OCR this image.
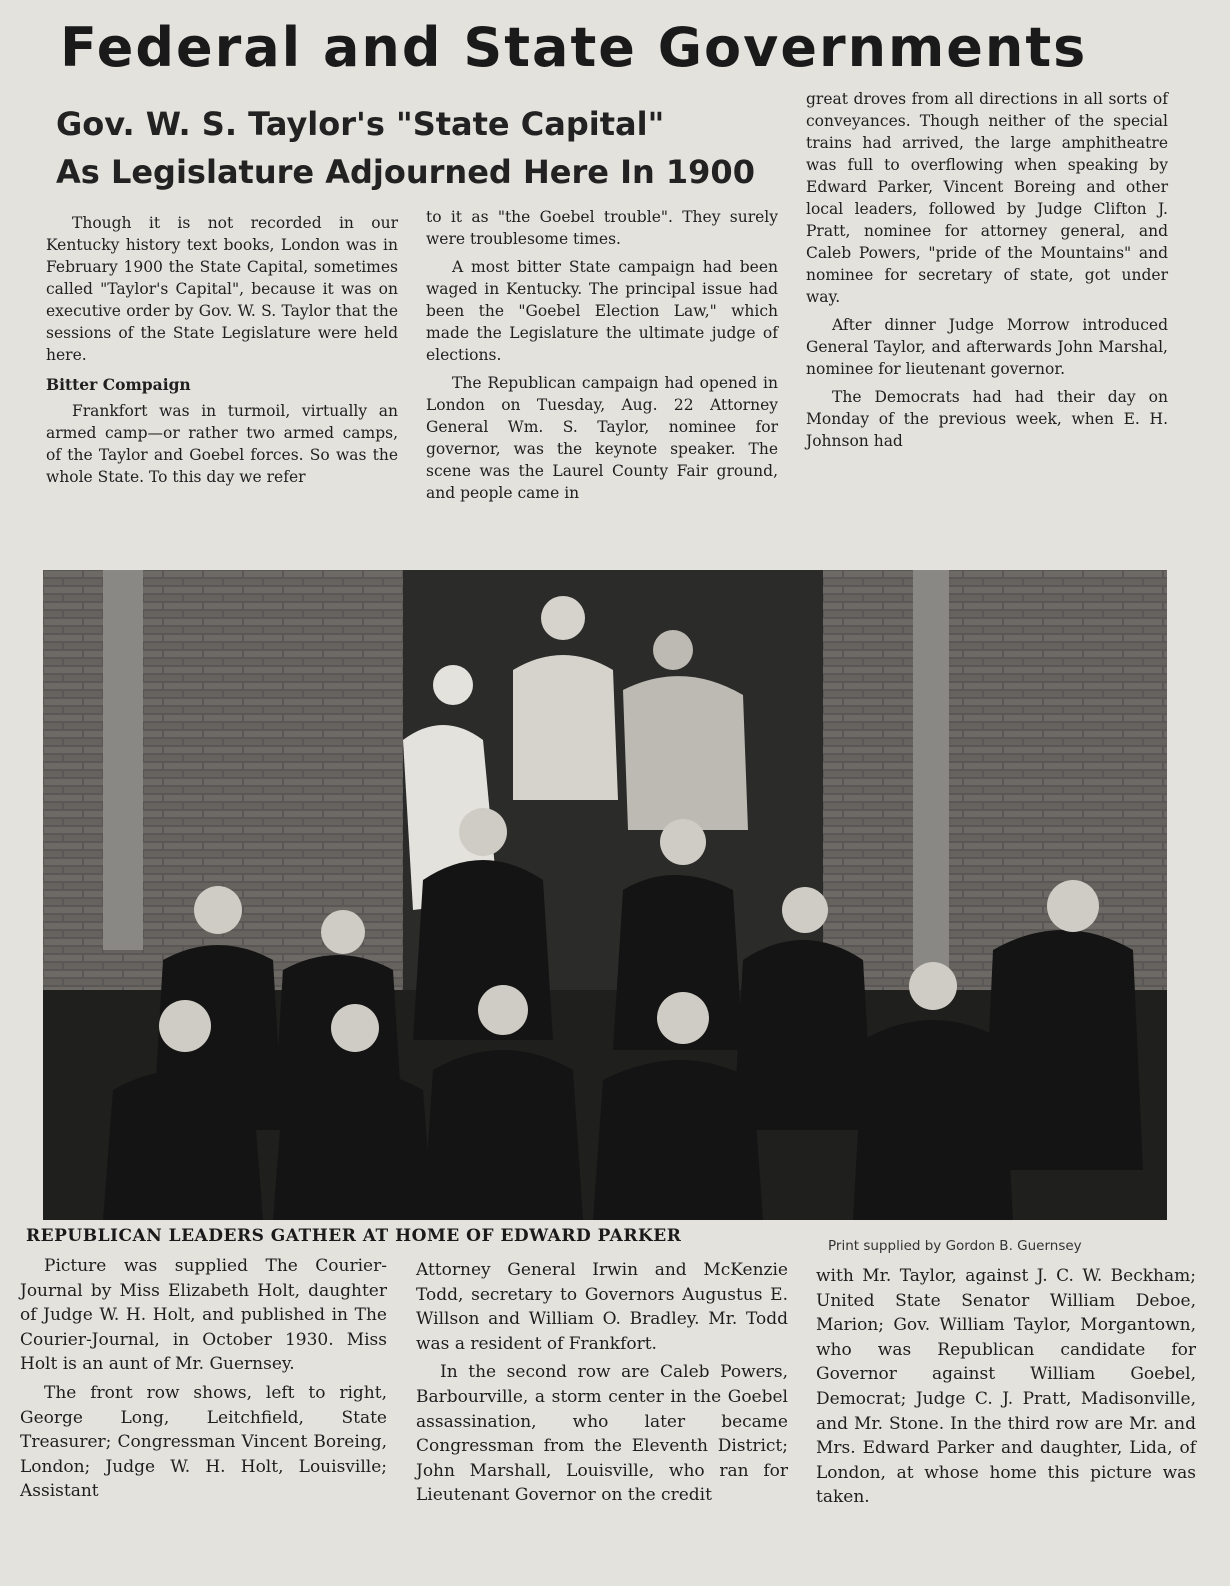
Federal and State Governments
Gov. W. S. Taylor's "State Capital"
As Legislature Adjourned Here In 1900

Though it is not recorded in our Kentucky history text books, London was in February 1900 the State Capital, sometimes called "Taylor's Capital", because it was on executive order by Gov. W. S. Taylor that the sessions of the State Legislature were held here.

Bitter Compaign

Frankfort was in turmoil, virtually an armed camp—or rather two armed camps, of the Taylor and Goebel forces. So was the whole State. To this day we refer

to it as "the Goebel trouble". They surely were troublesome times.

A most bitter State campaign had been waged in Kentucky. The principal issue had been the "Goebel Election Law," which made the Legislature the ultimate judge of elections.

The Republican campaign had opened in London on Tuesday, Aug. 22 Attorney General Wm. S. Taylor, nominee for governor, was the keynote speaker. The scene was the Laurel County Fair ground, and people came in

great droves from all directions in all sorts of conveyances. Though neither of the special trains had arrived, the large amphitheatre was full to overflowing when speaking by Edward Parker, Vincent Boreing and other local leaders, followed by Judge Clifton J. Pratt, nominee for attorney general, and Caleb Powers, "pride of the Mountains" and nominee for secretary of state, got under way.

After dinner Judge Morrow introduced General Taylor, and afterwards John Marshal, nominee for lieutenant governor.

The Democrats had had their day on Monday of the previous week, when E. H. Johnson had

REPUBLICAN LEADERS GATHER AT HOME OF EDWARD PARKER	Print supplied by Gordon B. Guernsey

Picture was supplied The Courier-Journal by Miss Elizabeth Holt, daughter of Judge W. H. Holt, and published in The Courier-Journal, in October 1930. Miss Holt is an aunt of Mr. Guernsey.

The front row shows, left to right, George Long, Leitchfield, State Treasurer; Congressman Vincent Boreing, London; Judge W. H. Holt, Louisville; Assistant

Attorney General Irwin and McKenzie Todd, secretary to Governors Augustus E. Willson and William O. Bradley. Mr. Todd was a resident of Frankfort.

In the second row are Caleb Powers, Barbourville, a storm center in the Goebel assassination, who later became Congressman from the Eleventh District; John Marshall, Louisville, who ran for Lieutenant Governor on the credit

with Mr. Taylor, against J. C. W. Beckham; United State Senator William Deboe, Marion; Gov. William Taylor, Morgantown, who was Republican candidate for Governor against William Goebel, Democrat; Judge C. J. Pratt, Madisonville, and Mr. Stone. In the third row are Mr. and Mrs. Edward Parker and daughter, Lida, of London, at whose home this picture was taken.
